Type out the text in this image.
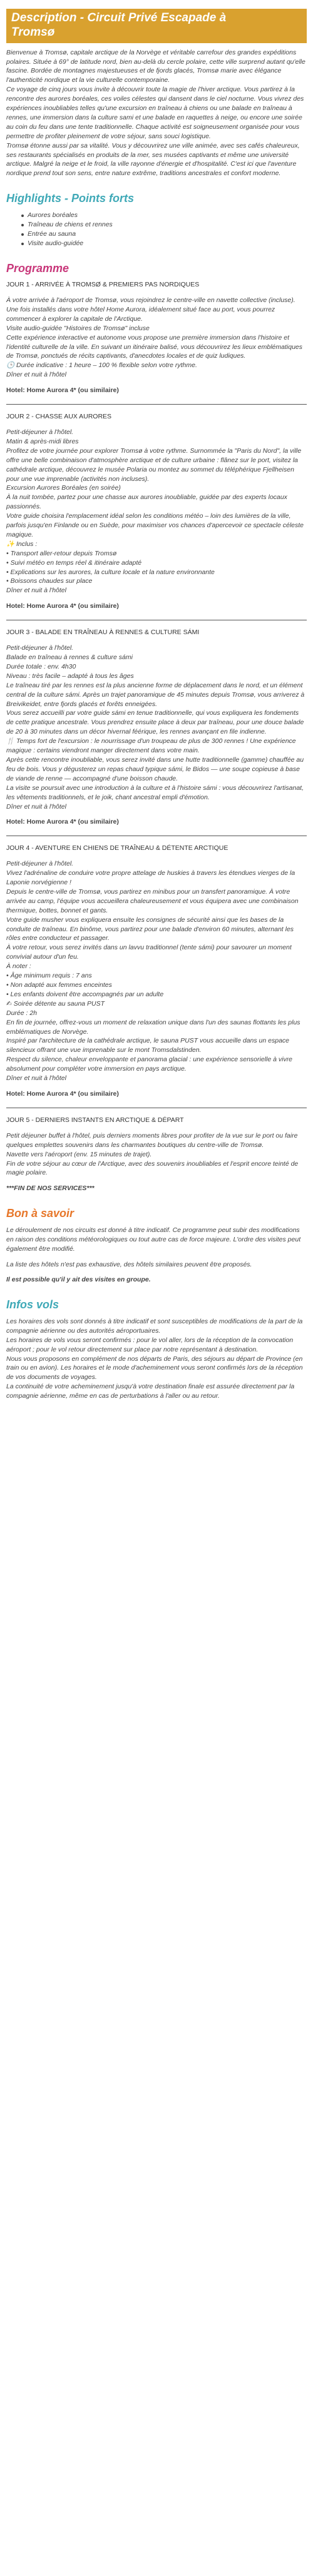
Description - Circuit Privé Escapade à
Tromsø

Bienvenue à Tromsø, capitale arctique de la Norvège et véritable carrefour des grandes expéditions polaires. Située à 69° de latitude nord, bien au-delà du cercle polaire, cette ville surprend autant qu'elle fascine. Bordée de montagnes majestueuses et de fjords glacés, Tromsø marie avec élégance l'authenticité nordique et la vie culturelle contemporaine.

Ce voyage de cinq jours vous invite à découvrir toute la magie de l'hiver arctique. Vous partirez à la rencontre des aurores boréales, ces voiles célestes qui dansent dans le ciel nocturne. Vous vivrez des expériences inoubliables telles qu'une excursion en traîneau à chiens ou une balade en traîneau à rennes, une immersion dans la culture sami et une balade en raquettes à neige, ou encore une soirée au coin du feu dans une tente traditionnelle. Chaque activité est soigneusement organisée pour vous permettre de profiter pleinement de votre séjour, sans souci logistique.

Tromsø étonne aussi par sa vitalité. Vous y découvrirez une ville animée, avec ses cafés chaleureux, ses restaurants spécialisés en produits de la mer, ses musées captivants et même une université arctique. Malgré la neige et le froid, la ville rayonne d'énergie et d'hospitalité. C'est ici que l'aventure nordique prend tout son sens, entre nature extrême, traditions ancestrales et confort moderne.

Highlights - Points forts
Aurores boréales
Traîneau de chiens et rennes
Entrée au sauna
Visite audio-guidée
Programme
JOUR 1 - ARRIVÉE À TROMSØ & PREMIERS PAS NORDIQUES
À votre arrivée à l'aéroport de Tromsø, vous rejoindrez le centre-ville en navette collective (incluse). Une fois installés dans votre hôtel Home Aurora, idéalement situé face au port, vous pourrez commencer à explorer la capitale de l'Arctique.
Visite audio-guidée "Histoires de Tromsø" incluse
Cette expérience interactive et autonome vous propose une première immersion dans l'histoire et l'identité culturelle de la ville. En suivant un itinéraire balisé, vous découvrirez les lieux emblématiques de Tromsø, ponctués de récits captivants, d'anecdotes locales et de quiz ludiques.
🕒 Durée indicative : 1 heure – 100 % flexible selon votre rythme.
Dîner et nuit à l'hôtel
Hotel: Home Aurora 4* (ou similaire)
JOUR 2 - CHASSE AUX AURORES
Petit-déjeuner à l'hôtel.
Matin & après-midi libres
Profitez de votre journée pour explorer Tromsø à votre rythme. Surnommée la "Paris du Nord", la ville offre une belle combinaison d'atmosphère arctique et de culture urbaine : flânez sur le port, visitez la cathédrale arctique, découvrez le musée Polaria ou montez au sommet du téléphérique Fjellheisen pour une vue imprenable (activités non incluses).
Excursion Aurores Boréales (en soirée)
À la nuit tombée, partez pour une chasse aux aurores inoubliable, guidée par des experts locaux passionnés.
Votre guide choisira l'emplacement idéal selon les conditions météo – loin des lumières de la ville, parfois jusqu'en Finlande ou en Suède, pour maximiser vos chances d'apercevoir ce spectacle céleste magique.
✨ Inclus :
• Transport aller-retour depuis Tromsø
• Suivi météo en temps réel & itinéraire adapté
• Explications sur les aurores, la culture locale et la nature environnante
• Boissons chaudes sur place
Dîner et nuit à l'hôtel
Hotel: Home Aurora 4* (ou similaire)
JOUR 3 - BALADE EN TRAÎNEAU À RENNES & CULTURE SÁMI
Petit-déjeuner à l'hôtel.
Balade en traîneau à rennes & culture sámi
Durée totale : env. 4h30
Niveau : très facile – adapté à tous les âges
Le traîneau tiré par les rennes est la plus ancienne forme de déplacement dans le nord, et un élément central de la culture sámi. Après un trajet panoramique de 45 minutes depuis Tromsø, vous arriverez à Breivikeidet, entre fjords glacés et forêts enneigées.
Vous serez accueilli par votre guide sámi en tenue traditionnelle, qui vous expliquera les fondements de cette pratique ancestrale. Vous prendrez ensuite place à deux par traîneau, pour une douce balade de 20 à 30 minutes dans un décor hivernal féérique, les rennes avançant en file indienne.
🍴 Temps fort de l'excursion : le nourrissage d'un troupeau de plus de 300 rennes ! Une expérience magique : certains viendront manger directement dans votre main.
Après cette rencontre inoubliable, vous serez invité dans une hutte traditionnelle (gamme) chauffée au feu de bois. Vous y dégusterez un repas chaud typique sámi, le Bidos — une soupe copieuse à base de viande de renne — accompagné d'une boisson chaude.
La visite se poursuit avec une introduction à la culture et à l'histoire sámi : vous découvrirez l'artisanat, les vêtements traditionnels, et le joik, chant ancestral empli d'émotion.
Dîner et nuit à l'hôtel
Hotel: Home Aurora 4* (ou similaire)
JOUR 4 - AVENTURE EN CHIENS DE TRAÎNEAU & DÉTENTE ARCTIQUE
Petit-déjeuner à l'hôtel.
Vivez l'adrénaline de conduire votre propre attelage de huskies à travers les étendues vierges de la Laponie norvégienne !
Depuis le centre-ville de Tromsø, vous partirez en minibus pour un transfert panoramique. À votre arrivée au camp, l'équipe vous accueillera chaleureusement et vous équipera avec une combinaison thermique, bottes, bonnet et gants.
Votre guide musher vous expliquera ensuite les consignes de sécurité ainsi que les bases de la conduite de traîneau. En binôme, vous partirez pour une balade d'environ 60 minutes, alternant les rôles entre conducteur et passager.
À votre retour, vous serez invités dans un lavvu traditionnel (tente sámi) pour savourer un moment convivial autour d'un feu.
À noter :
• Âge minimum requis : 7 ans
• Non adapté aux femmes enceintes
• Les enfants doivent être accompagnés par un adulte
✍ Soirée détente au sauna PUST
Durée : 2h
En fin de journée, offrez-vous un moment de relaxation unique dans l'un des saunas flottants les plus emblématiques de Norvège.
Inspiré par l'architecture de la cathédrale arctique, le sauna PUST vous accueille dans un espace silencieux offrant une vue imprenable sur le mont Tromsdalstinden.
Respect du silence, chaleur enveloppante et panorama glacial : une expérience sensorielle à vivre absolument pour compléter votre immersion en pays arctique.
Dîner et nuit à l'hôtel
Hotel: Home Aurora 4* (ou similaire)
JOUR 5 - DERNIERS INSTANTS EN ARCTIQUE & DÉPART
Petit déjeuner buffet à l'hôtel, puis derniers moments libres pour profiter de la vue sur le port ou faire quelques emplettes souvenirs dans les charmantes boutiques du centre-ville de Tromsø.
Navette vers l'aéroport (env. 15 minutes de trajet).
Fin de votre séjour au cœur de l'Arctique, avec des souvenirs inoubliables et l'esprit encore teinté de magie polaire.
***FIN DE NOS SERVICES***
Bon à savoir

Le déroulement de nos circuits est donné à titre indicatif. Ce programme peut subir des modifications en raison des conditions météorologiques ou tout autre cas de force majeure. L'ordre des visites peut également être modifié.

La liste des hôtels n'est pas exhaustive, des hôtels similaires peuvent être proposés.

Il est possible qu'il y ait des visites en groupe.

Infos vols

Les horaires des vols sont donnés à titre indicatif et sont susceptibles de modifications de la part de la compagnie aérienne ou des autorités aéroportuaires.

Les horaires de vols vous seront confirmés : pour le vol aller, lors de la réception de la convocation aéroport ; pour le vol retour directement sur place par notre représentant à destination.

Nous vous proposons en complément de nos départs de Paris, des séjours au départ de Province (en train ou en avion). Les horaires et le mode d'acheminement vous seront confirmés lors de la réception de vos documents de voyages.

La continuité de votre acheminement jusqu'à votre destination finale est assurée directement par la compagnie aérienne, même en cas de perturbations à l'aller ou au retour.
